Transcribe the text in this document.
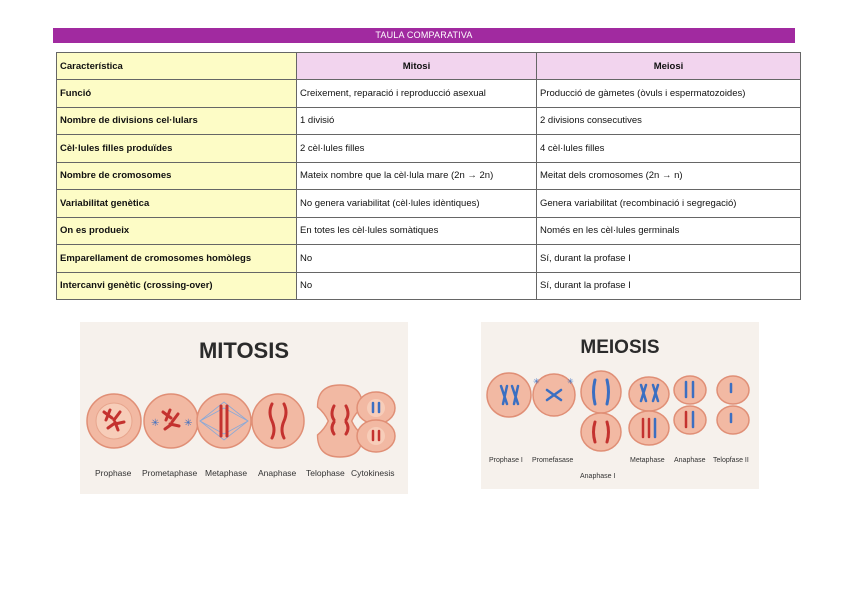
TAULA COMPARATIVA
Característica	Mitosi	Meiosi
Funció	Creixement, reparació i reproducció asexual	Producció de gàmetes (òvuls i espermatozoides)
Nombre de divisions cel·lulars	1 divisió	2 divisions consecutives
Cèl·lules filles produïdes	2 cèl·lules filles	4 cèl·lules filles
Nombre de cromosomes	Mateix nombre que la cèl·lula mare (2n → 2n)	Meitat dels cromosomes (2n → n)
Variabilitat genètica	No genera variabilitat (cèl·lules idèntiques)	Genera variabilitat (recombinació i segregació)
On es produeix	En totes les cèl·lules somàtiques	Només en les cèl·lules germinals
Emparellament de cromosomes homòlegs	No	Sí, durant la profase I
Intercanvi genètic (crossing-over)	No	Sí, durant la profase I
MITOSIS
✳ ✳
Prophase Prometaphase Metaphase Anaphase Telophase Cytokinesis
MEIOSIS
✳	✳
Prophase I Promefasase
Anaphase I
Metaphase Anaphase Telopfase II
